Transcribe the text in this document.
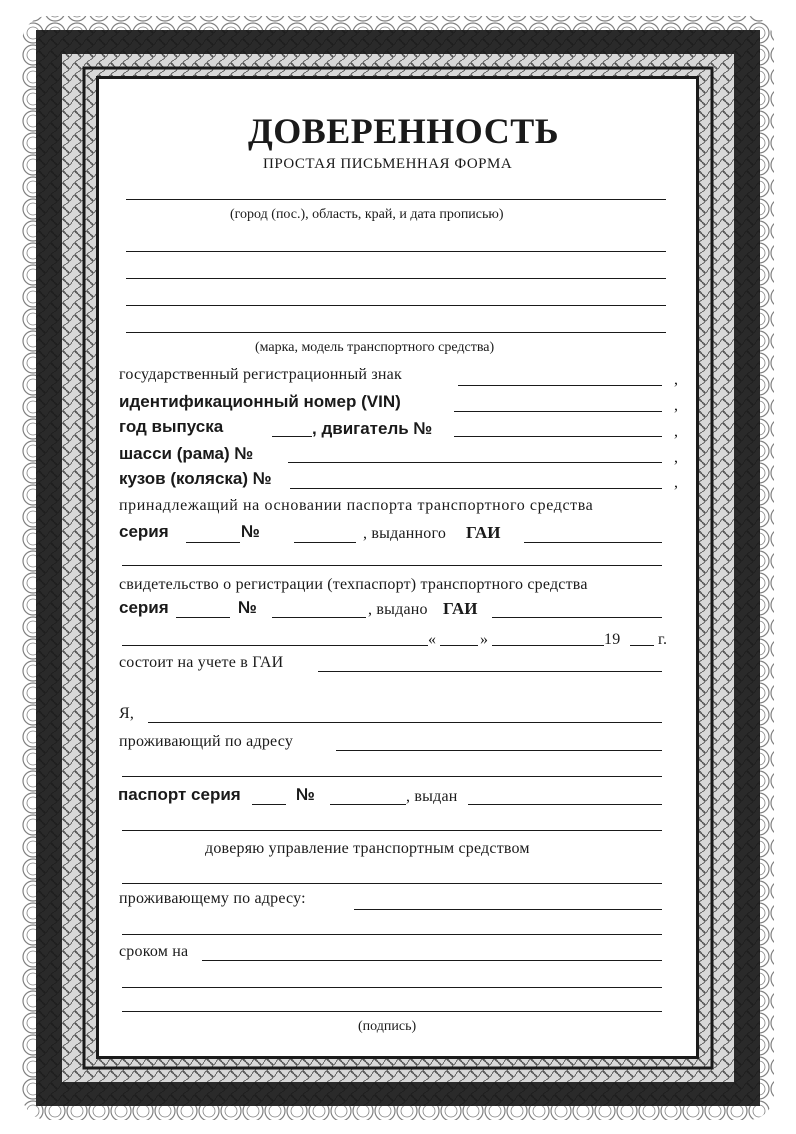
ДОВЕРЕННОСТЬ
ПРОСТАЯ ПИСЬМЕННАЯ ФОРМА
(город (пос.), область, край, и дата прописью)
(марка, модель транспортного средства)
государственный регистрационный знак	,
идентификационный номер (VIN)	,
год выпуска	, двигатель №	,
шасси (рама) №	,
кузов (коляска) №	,
принадлежащий на основании паспорта транспортного средства
серия	№	, выданного ГАИ
свидетельство о регистрации (техпаспорт) транспортного средства
серия	№	, выдано ГАИ
«	»	19 г.
состоит на учете в ГАИ
Я,
проживающий по адресу
паспорт серия	№	, выдан
доверяю управление транспортным средством
проживающему по адресу:
сроком на
(подпись)
